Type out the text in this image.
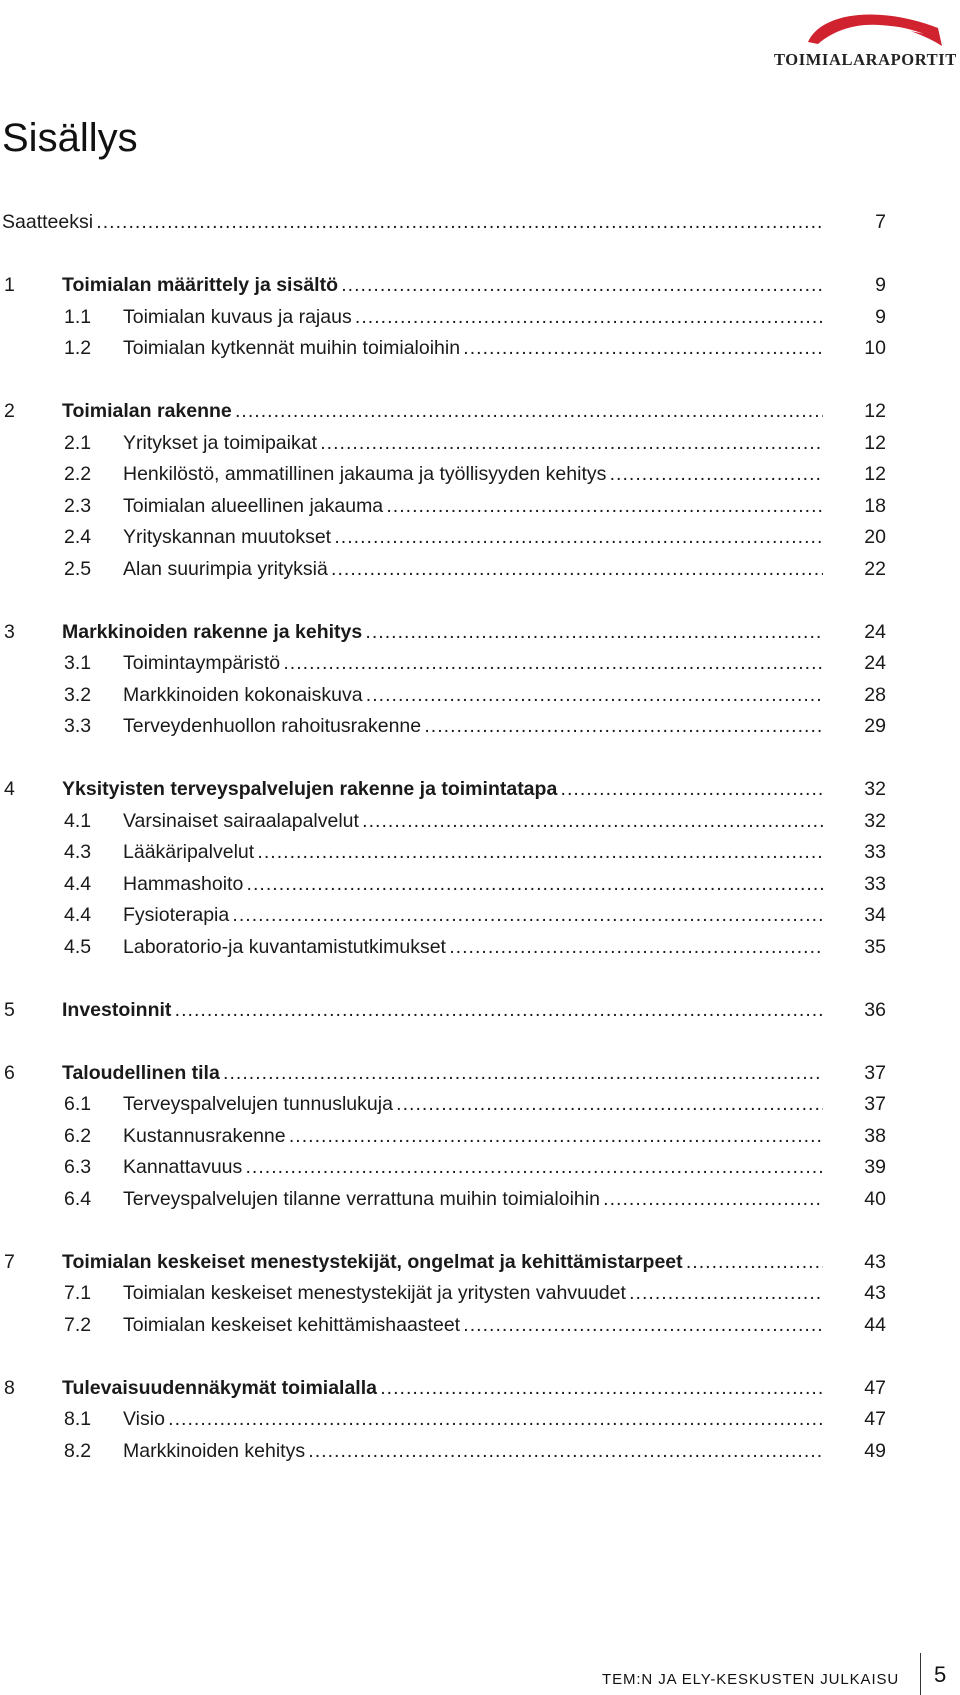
TOIMIALARAPORTIT
Sisällys
Saatteeksi . . .	7
1 Toimialan määrittely ja sisältö . . .	9
1.1 Toimialan kuvaus ja rajaus . . .	9
1.2 Toimialan kytkennät muihin toimialoihin . . .	10
2 Toimialan rakenne . . .	12
2.1 Yritykset ja toimipaikat . . .	12
2.2 Henkilöstö, ammatillinen jakauma ja työllisyyden kehitys . . .	12
2.3 Toimialan alueellinen jakauma . . .	18
2.4 Yrityskannan muutokset . . .	20
2.5 Alan suurimpia yrityksiä . . .	22
3 Markkinoiden rakenne ja kehitys . . .	24
3.1 Toimintaympäristö . . .	24
3.2 Markkinoiden kokonaiskuva . . .	28
3.3 Terveydenhuollon rahoitusrakenne . . .	29
4 Yksityisten terveyspalvelujen rakenne ja toimintatapa . . .	32
4.1 Varsinaiset sairaalapalvelut . . .	32
4.3 Lääkäripalvelut . . .	33
4.4 Hammashoito . . .	33
4.4 Fysioterapia . . .	34
4.5 Laboratorio-ja kuvantamistutkimukset . . .	35
5 Investoinnit . . .	36
6 Taloudellinen tila . . .	37
6.1 Terveyspalvelujen tunnuslukuja . . .	37
6.2 Kustannusrakenne . . .	38
6.3 Kannattavuus . . .	39
6.4 Terveyspalvelujen tilanne verrattuna muihin toimialoihin . . .	40
7 Toimialan keskeiset menestystekijät, ongelmat ja kehittämistarpeet . . .	43
7.1 Toimialan keskeiset menestystekijät ja yritysten vahvuudet . . .	43
7.2 Toimialan keskeiset kehittämishaasteet . . .	44
8 Tulevaisuudennäkymät toimialalla . . .	47
8.1 Visio . . .	47
8.2 Markkinoiden kehitys . . .	49
TEM:N JA ELY-KESKUSTEN JULKAISU 5
